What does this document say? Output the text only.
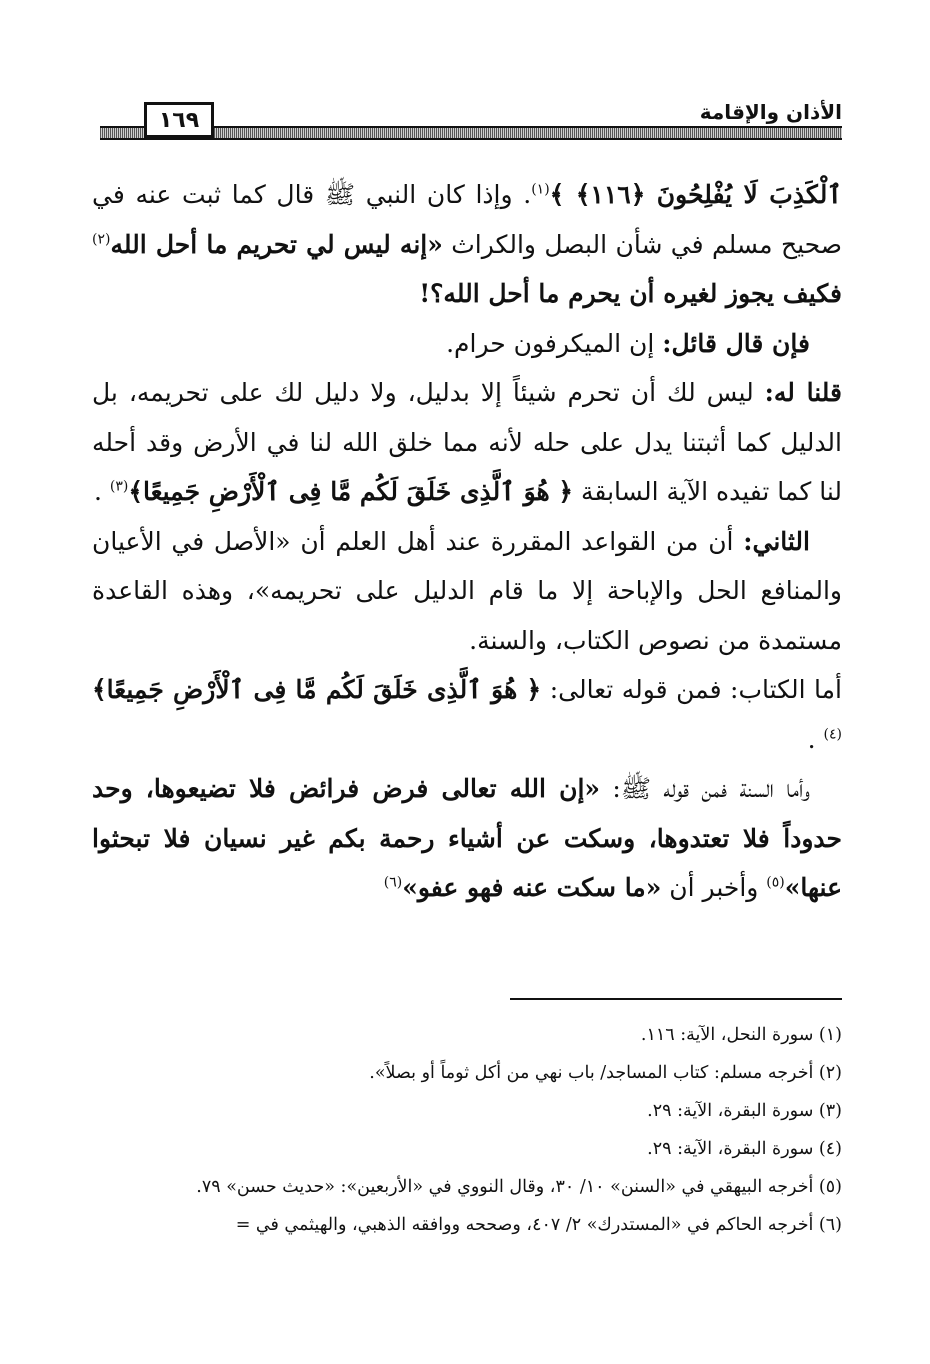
١٦٩	الأذان والإقامة

ٱلْكَذِبَ لَا يُفْلِحُونَ ﴿١١٦﴾ ﴾$^{(١)}$. وإذا كان النبي ﷺ قال كما ثبت عنه في صحيح مسلم في شأن البصل والكراث «إنه ليس لي تحريم ما أحل الله$^{(٢)}$ فكيف يجوز لغيره أن يحرم ما أحل الله؟!

فإن قال قائل: إن الميكرفون حرام.

قلنا له: ليس لك أن تحرم شيئاً إلا بدليل، ولا دليل لك على تحريمه، بل الدليل كما أثبتنا يدل على حله لأنه مما خلق الله لنا في الأرض وقد أحله لنا كما تفيده الآية السابقة ﴿ هُوَ ٱلَّذِى خَلَقَ لَكُم مَّا فِى ٱلْأَرْضِ جَمِيعًا﴾$^{(٣)}$ .

الثاني: أن من القواعد المقررة عند أهل العلم أن «الأصل في الأعيان والمنافع الحل والإباحة إلا ما قام الدليل على تحريمه»، وهذه القاعدة مستمدة من نصوص الكتاب، والسنة.

أما الكتاب: فمن قوله تعالى: ﴿ هُوَ ٱلَّذِى خَلَقَ لَكُم مَّا فِى ٱلْأَرْضِ جَمِيعًا﴾$^{(٤)}$ .

وأما السنة فمن قوله ﷺ: «إن الله تعالى فرض فرائض فلا تضيعوها، وحد حدوداً فلا تعتدوها، وسكت عن أشياء رحمة بكم غير نسيان فلا تبحثوا عنها»$^{(٥)}$ وأخبر أن «ما سكت عنه فهو عفو»$^{(٦)}$

(١) سورة النحل، الآية: ١١٦.

(٢) أخرجه مسلم: كتاب المساجد/ باب نهي من أكل ثوماً أو بصلاً».

(٣) سورة البقرة، الآية: ٢٩.

(٤) سورة البقرة، الآية: ٢٩.

(٥) أخرجه البيهقي في «السنن» ١٠/ ٣٠، وقال النووي في «الأربعين»: «حديث حسن» ٧٩.

(٦) أخرجه الحاكم في «المستدرك» ٢/ ٤٠٧، وصححه ووافقه الذهبي، والهيثمي في =
